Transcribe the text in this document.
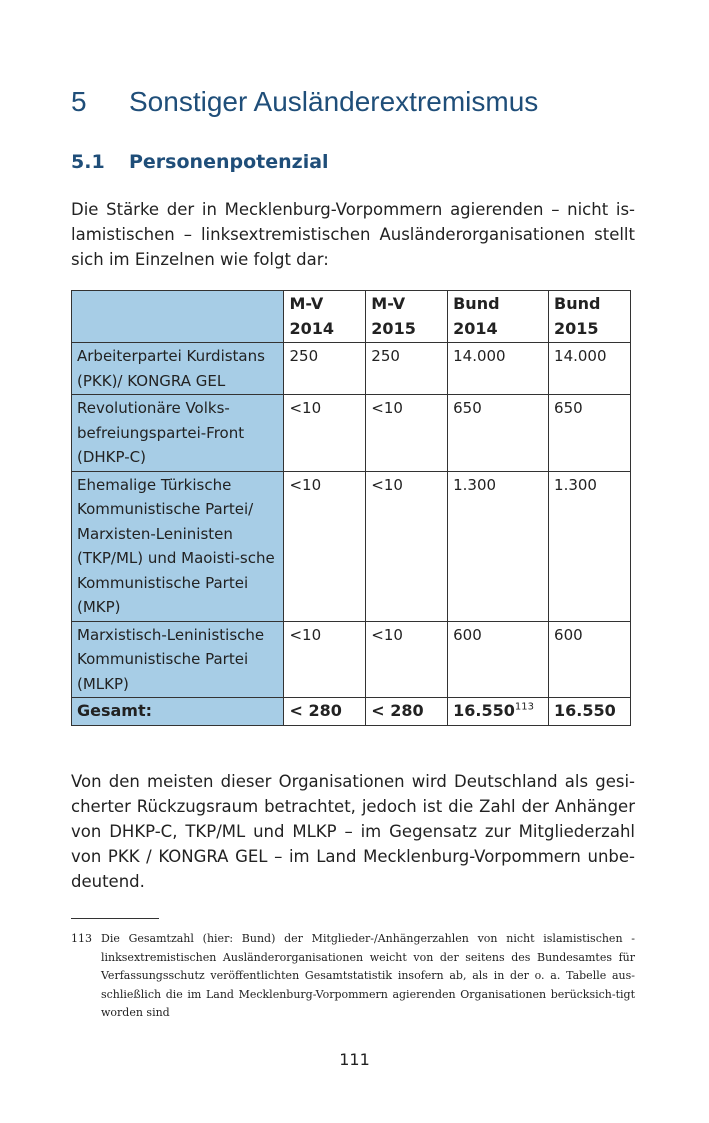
5 Sonstiger Ausländerextremismus
5.1 Personenpotenzial

Die Stärke der in Mecklenburg-Vorpommern agierenden – nicht is-lamistischen – linksextremistischen Ausländerorganisationen stellt sich im Einzelnen wie folgt dar:

	M-V 2014	M-V 2015	Bund 2014	Bund 2015
Arbeiterpartei Kurdistans (PKK)/ KONGRA GEL	250	250	14.000	14.000
Revolutionäre Volks-befreiungspartei-Front (DHKP-C)	<10	<10	650	650
Ehemalige Türkische Kommunistische Partei/ Marxisten-Leninisten (TKP/ML) und Maoisti-sche Kommunistische Partei (MKP)	<10	<10	1.300	1.300
Marxistisch-Leninistische Kommunistische Partei (MLKP)	<10	<10	600	600
Gesamt:	< 280	< 280	16.550$^{113}$	16.550

Von den meisten dieser Organisationen wird Deutschland als gesi-cherter Rückzugsraum betrachtet, jedoch ist die Zahl der Anhänger von DHKP-C, TKP/ML und MLKP – im Gegensatz zur Mitgliederzahl von PKK / KONGRA GEL – im Land Mecklenburg-Vorpommern unbe-deutend.

113 Die Gesamtzahl (hier: Bund) der Mitglieder-/Anhängerzahlen von nicht islamistischen -linksextremistischen Ausländerorganisationen weicht von der seitens des Bundesamtes für Verfassungsschutz veröffentlichten Gesamtstatistik insofern ab, als in der o. a. Tabelle aus-schließlich die im Land Mecklenburg-Vorpommern agierenden Organisationen berücksich-tigt worden sind
111
